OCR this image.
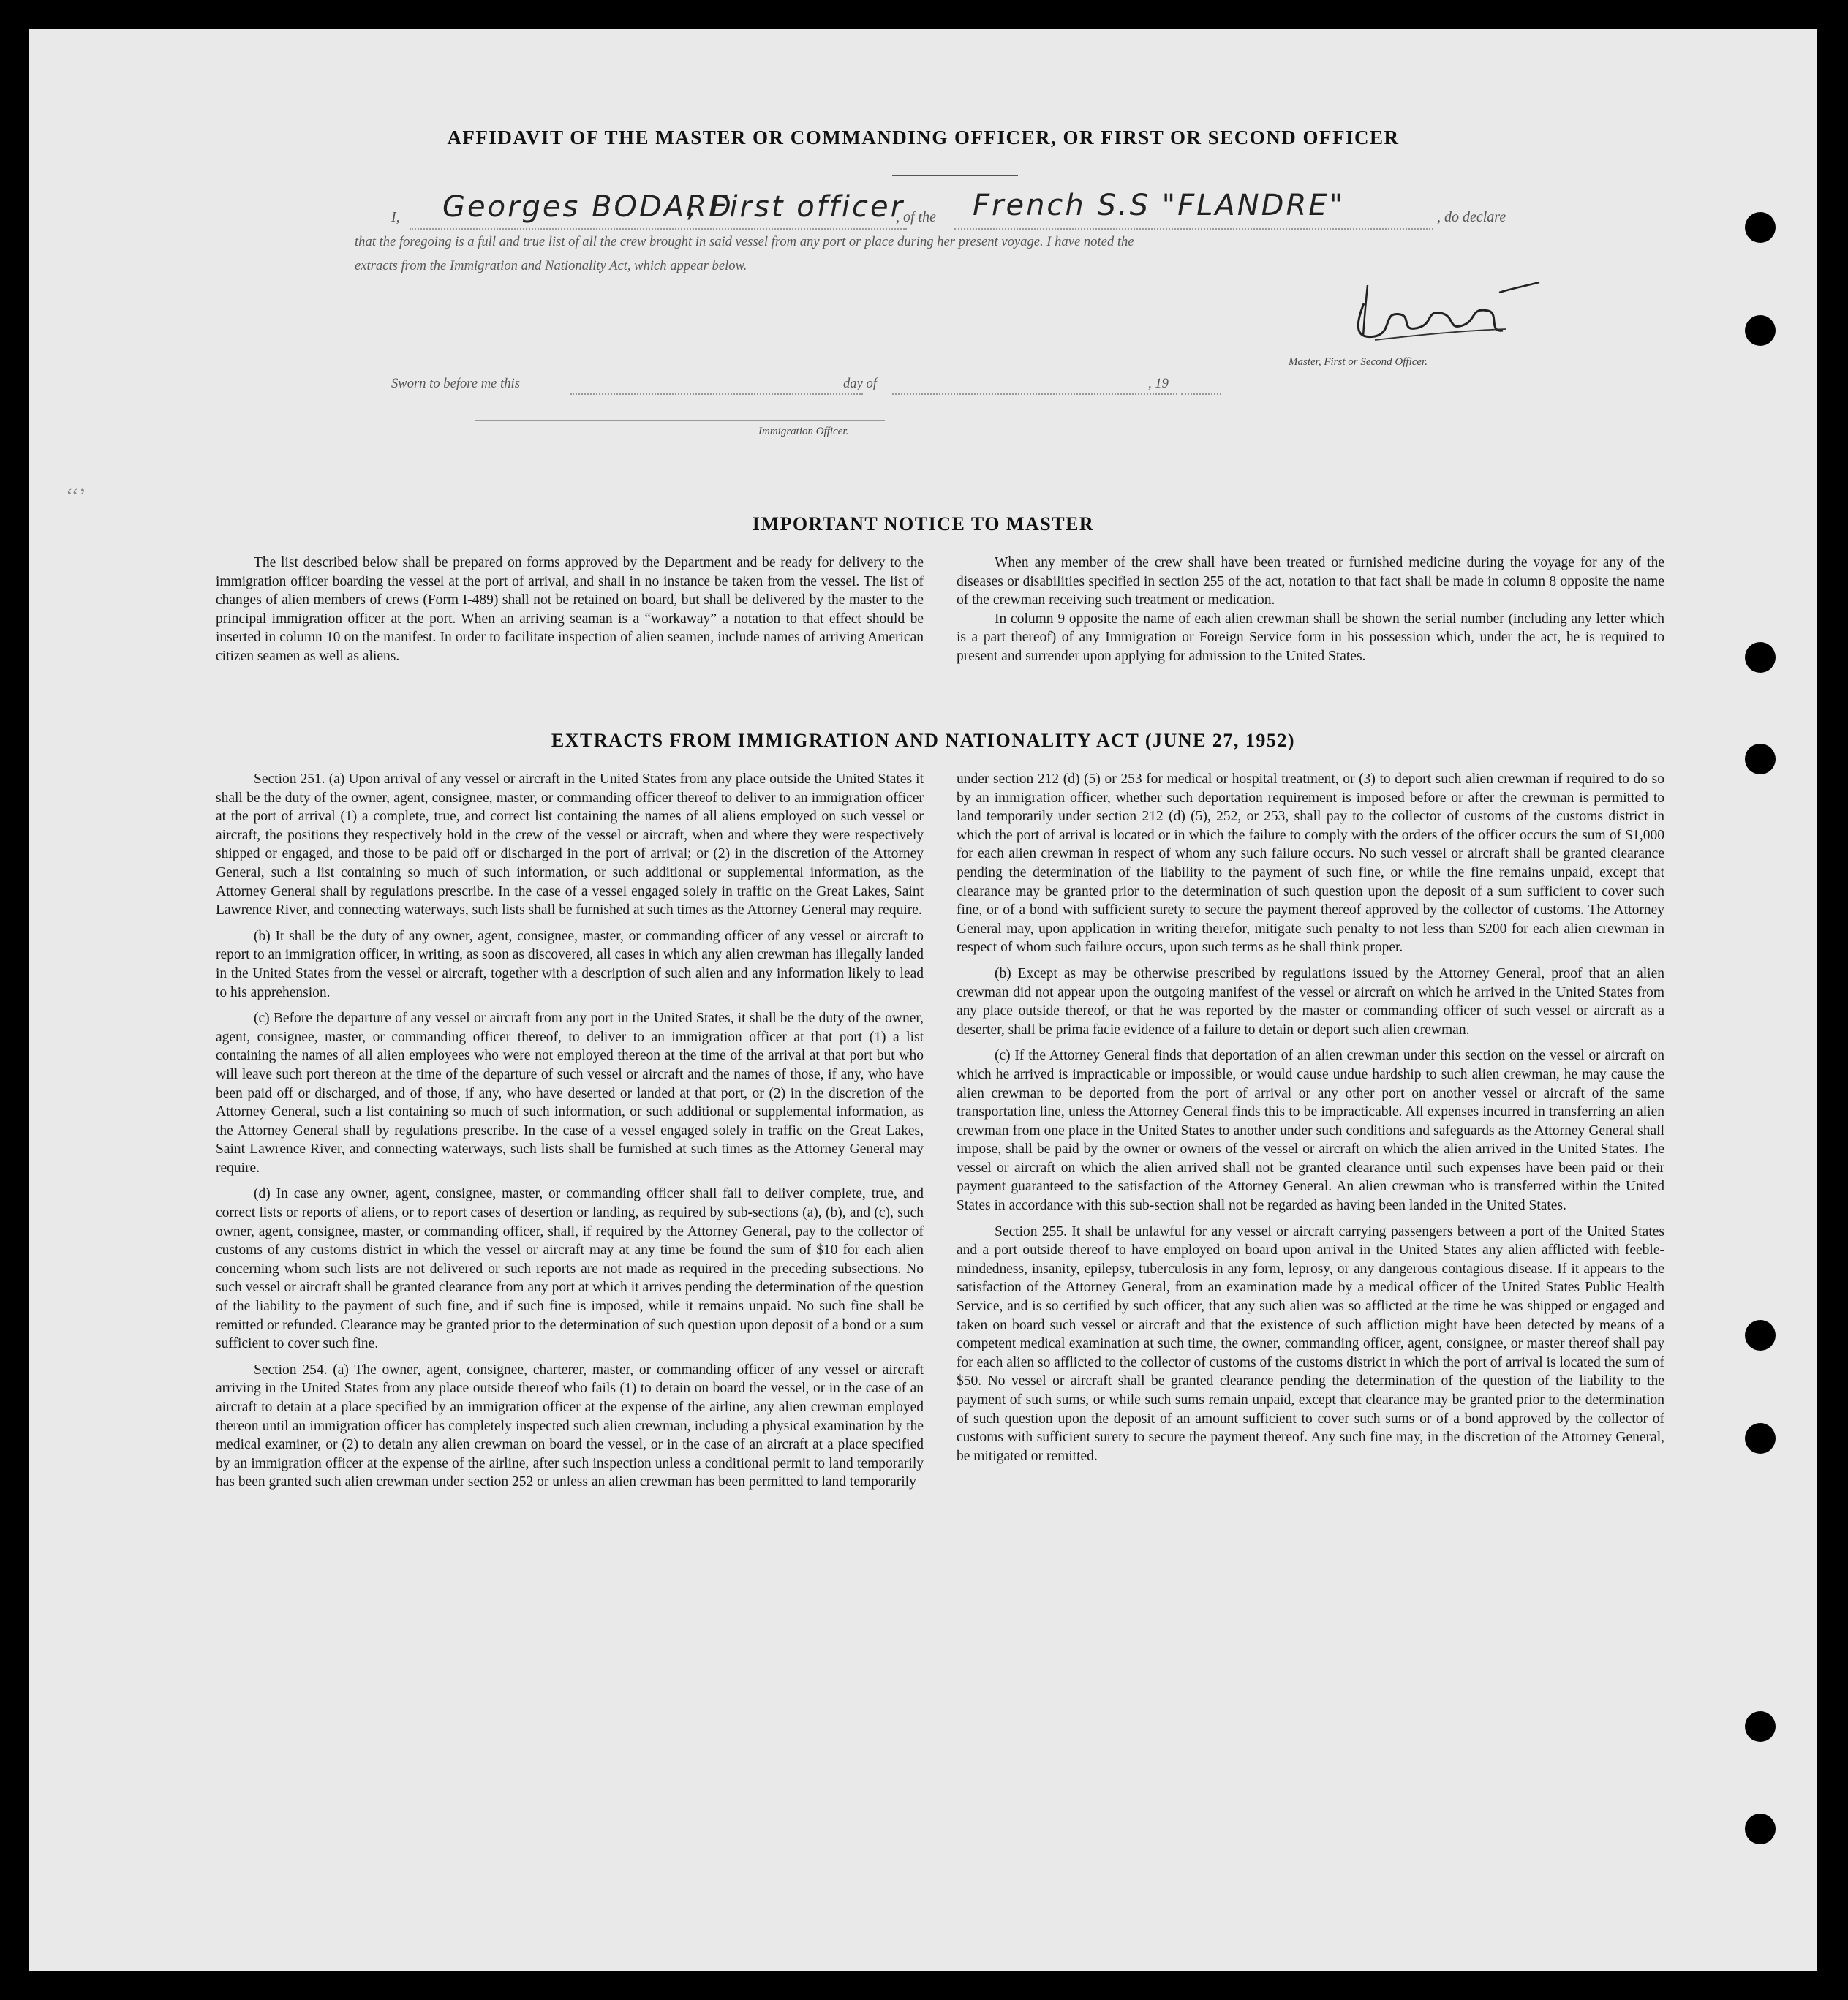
‘‘’
AFFIDAVIT OF THE MASTER OR COMMANDING OFFICER, OR FIRST OR SECOND OFFICER
I, Georges BODARD
, First officer
, of the French S.S "FLANDRE"	, do declare
that the foregoing is a full and true list of all the crew brought in said vessel from any port or place during her present voyage. I have noted the
extracts from the Immigration and Nationality Act, which appear below.
Master, First or Second Officer.
Sworn to before me this	day of	, 19
Immigration Officer.
IMPORTANT NOTICE TO MASTER

The list described below shall be prepared on forms approved by the Department and be ready for delivery to the immigration officer boarding the vessel at the port of arrival, and shall in no instance be taken from the vessel. The list of changes of alien members of crews (Form I-489) shall not be retained on board, but shall be delivered by the master to the principal immigration officer at the port. When an arriving seaman is a “workaway” a notation to that effect should be inserted in column 10 on the manifest. In order to facilitate inspection of alien seamen, include names of arriving American citizen seamen as well as aliens.

When any member of the crew shall have been treated or furnished medicine during the voyage for any of the diseases or disabilities specified in section 255 of the act, notation to that fact shall be made in column 8 opposite the name of the crewman receiving such treatment or medication.

In column 9 opposite the name of each alien crewman shall be shown the serial number (including any letter which is a part thereof) of any Immigration or Foreign Service form in his possession which, under the act, he is required to present and surrender upon applying for admission to the United States.

EXTRACTS FROM IMMIGRATION AND NATIONALITY ACT (JUNE 27, 1952)

Section 251. (a) Upon arrival of any vessel or aircraft in the United States from any place outside the United States it shall be the duty of the owner, agent, consignee, master, or commanding officer thereof to deliver to an immigration officer at the port of arrival (1) a complete, true, and correct list containing the names of all aliens employed on such vessel or aircraft, the positions they respectively hold in the crew of the vessel or aircraft, when and where they were respectively shipped or engaged, and those to be paid off or discharged in the port of arrival; or (2) in the discretion of the Attorney General, such a list containing so much of such information, or such additional or supplemental information, as the Attorney General shall by regulations prescribe. In the case of a vessel engaged solely in traffic on the Great Lakes, Saint Lawrence River, and connecting waterways, such lists shall be furnished at such times as the Attorney General may require.

(b) It shall be the duty of any owner, agent, consignee, master, or commanding officer of any vessel or aircraft to report to an immigration officer, in writing, as soon as discovered, all cases in which any alien crewman has illegally landed in the United States from the vessel or aircraft, together with a description of such alien and any information likely to lead to his apprehension.

(c) Before the departure of any vessel or aircraft from any port in the United States, it shall be the duty of the owner, agent, consignee, master, or commanding officer thereof, to deliver to an immigration officer at that port (1) a list containing the names of all alien employees who were not employed thereon at the time of the arrival at that port but who will leave such port thereon at the time of the departure of such vessel or aircraft and the names of those, if any, who have been paid off or discharged, and of those, if any, who have deserted or landed at that port, or (2) in the discretion of the Attorney General, such a list containing so much of such information, or such additional or supplemental information, as the Attorney General shall by regulations prescribe. In the case of a vessel engaged solely in traffic on the Great Lakes, Saint Lawrence River, and connecting waterways, such lists shall be furnished at such times as the Attorney General may require.

(d) In case any owner, agent, consignee, master, or commanding officer shall fail to deliver complete, true, and correct lists or reports of aliens, or to report cases of desertion or landing, as required by sub-sections (a), (b), and (c), such owner, agent, consignee, master, or commanding officer, shall, if required by the Attorney General, pay to the collector of customs of any customs district in which the vessel or aircraft may at any time be found the sum of $10 for each alien concerning whom such lists are not delivered or such reports are not made as required in the preceding subsections. No such vessel or aircraft shall be granted clearance from any port at which it arrives pending the determination of the question of the liability to the payment of such fine, and if such fine is imposed, while it remains unpaid. No such fine shall be remitted or refunded. Clearance may be granted prior to the determination of such question upon deposit of a bond or a sum sufficient to cover such fine.

Section 254. (a) The owner, agent, consignee, charterer, master, or commanding officer of any vessel or aircraft arriving in the United States from any place outside thereof who fails (1) to detain on board the vessel, or in the case of an aircraft to detain at a place specified by an immigration officer at the expense of the airline, any alien crewman employed thereon until an immigration officer has completely inspected such alien crewman, including a physical examination by the medical examiner, or (2) to detain any alien crewman on board the vessel, or in the case of an aircraft at a place specified by an immigration officer at the expense of the airline, after such inspection unless a conditional permit to land temporarily has been granted such alien crewman under section 252 or unless an alien crewman has been permitted to land temporarily

under section 212 (d) (5) or 253 for medical or hospital treatment, or (3) to deport such alien crewman if required to do so by an immigration officer, whether such deportation requirement is imposed before or after the crewman is permitted to land temporarily under section 212 (d) (5), 252, or 253, shall pay to the collector of customs of the customs district in which the port of arrival is located or in which the failure to comply with the orders of the officer occurs the sum of $1,000 for each alien crewman in respect of whom any such failure occurs. No such vessel or aircraft shall be granted clearance pending the determination of the liability to the payment of such fine, or while the fine remains unpaid, except that clearance may be granted prior to the determination of such question upon the deposit of a sum sufficient to cover such fine, or of a bond with sufficient surety to secure the payment thereof approved by the collector of customs. The Attorney General may, upon application in writing therefor, mitigate such penalty to not less than $200 for each alien crewman in respect of whom such failure occurs, upon such terms as he shall think proper.

(b) Except as may be otherwise prescribed by regulations issued by the Attorney General, proof that an alien crewman did not appear upon the outgoing manifest of the vessel or aircraft on which he arrived in the United States from any place outside thereof, or that he was reported by the master or commanding officer of such vessel or aircraft as a deserter, shall be prima facie evidence of a failure to detain or deport such alien crewman.

(c) If the Attorney General finds that deportation of an alien crewman under this section on the vessel or aircraft on which he arrived is impracticable or impossible, or would cause undue hardship to such alien crewman, he may cause the alien crewman to be deported from the port of arrival or any other port on another vessel or aircraft of the same transportation line, unless the Attorney General finds this to be impracticable. All expenses incurred in transferring an alien crewman from one place in the United States to another under such conditions and safeguards as the Attorney General shall impose, shall be paid by the owner or owners of the vessel or aircraft on which the alien arrived in the United States. The vessel or aircraft on which the alien arrived shall not be granted clearance until such expenses have been paid or their payment guaranteed to the satisfaction of the Attorney General. An alien crewman who is transferred within the United States in accordance with this sub-section shall not be regarded as having been landed in the United States.

Section 255. It shall be unlawful for any vessel or aircraft carrying passengers between a port of the United States and a port outside thereof to have employed on board upon arrival in the United States any alien afflicted with feeble-mindedness, insanity, epilepsy, tuberculosis in any form, leprosy, or any dangerous contagious disease. If it appears to the satisfaction of the Attorney General, from an examination made by a medical officer of the United States Public Health Service, and is so certified by such officer, that any such alien was so afflicted at the time he was shipped or engaged and taken on board such vessel or aircraft and that the existence of such affliction might have been detected by means of a competent medical examination at such time, the owner, commanding officer, agent, consignee, or master thereof shall pay for each alien so afflicted to the collector of customs of the customs district in which the port of arrival is located the sum of $50. No vessel or aircraft shall be granted clearance pending the determination of the question of the liability to the payment of such sums, or while such sums remain unpaid, except that clearance may be granted prior to the determination of such question upon the deposit of an amount sufficient to cover such sums or of a bond approved by the collector of customs with sufficient surety to secure the payment thereof. Any such fine may, in the discretion of the Attorney General, be mitigated or remitted.
